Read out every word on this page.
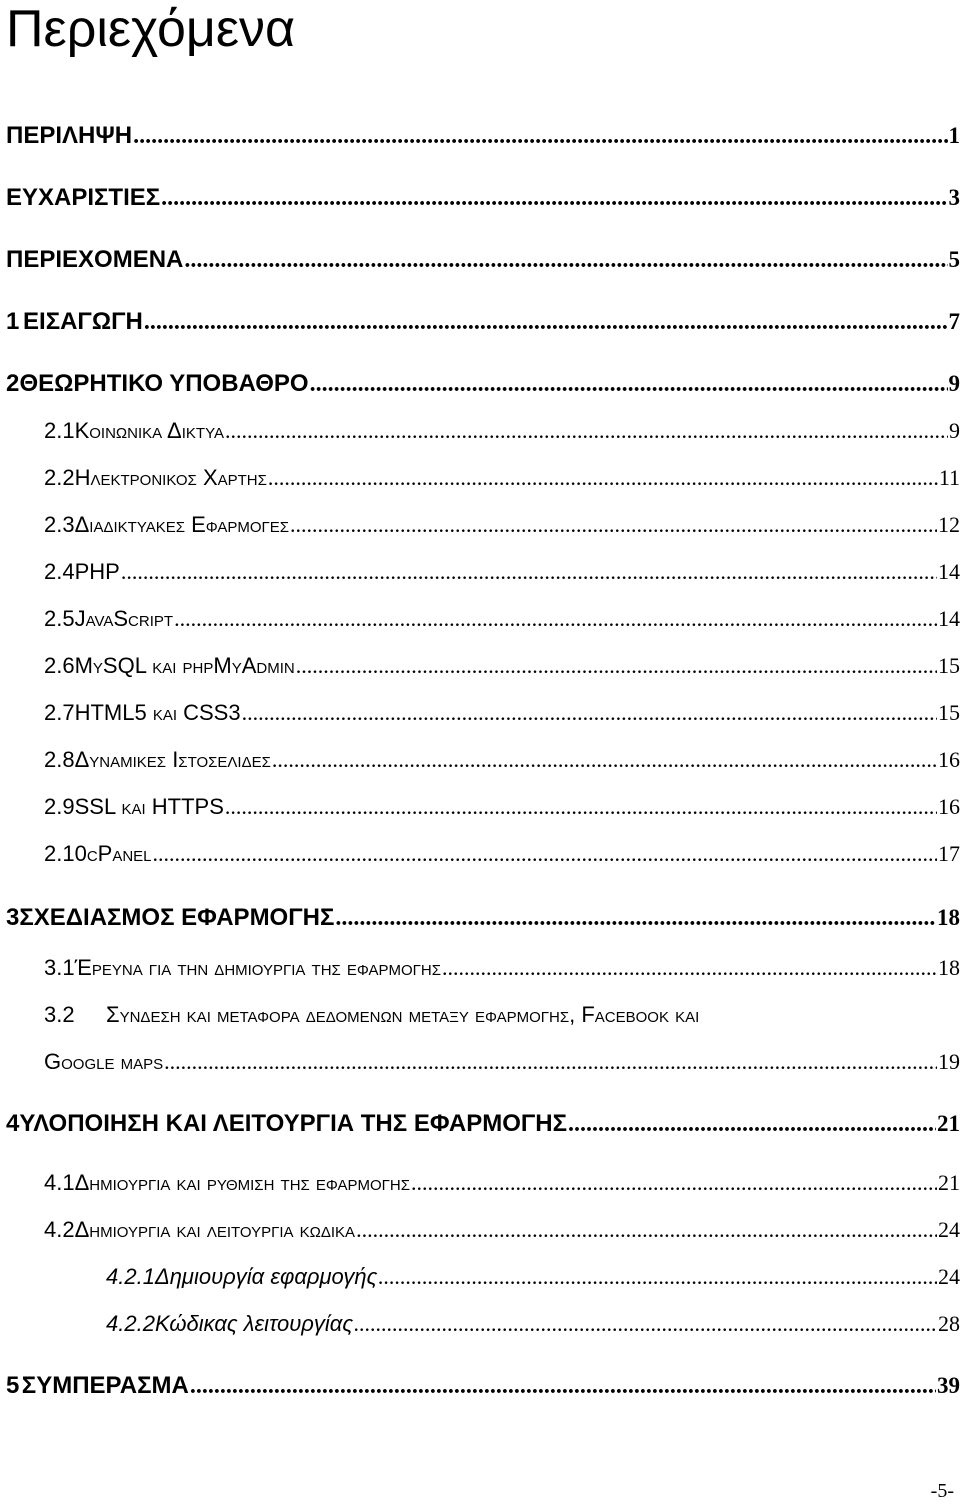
Περιεχόμενα
ΠΕΡΙΛΗΨΗ .....	1
ΕΥΧΑΡΙΣΤΙΕΣ .....	3
ΠΕΡΙΕΧΟΜΕΝΑ .....	5
1 ΕΙΣΑΓΩΓΗ .....	7
2 ΘΕΩΡΗΤΙΚΟ ΥΠΟΒΑΘΡΟ .....	9
2.1 Κοινωνικα Δικτυα .....	9
2.2 Ηλεκτρονικος Χαρτης .....	11
2.3 Διαδικτυακες Εφαρμογες .....	12
2.4 PHP .....	14
2.5 JavaScript .....	14
2.6 MySQL και phpMyAdmin .....	15
2.7 HTML5 και CSS3 .....	15
2.8 Δυναμικες Ιστοσελιδες .....	16
2.9 SSL και HTTPS .....	16
2.10 cPanel .....	17
3 ΣΧΕΔΙΑΣΜΟΣ ΕΦΑΡΜΟΓΗΣ .....	18
3.1 Έρευνα για την δημιουργια της εφαρμογης .....	18
3.2	Συνδεση και μεταφορα δεδομενων μεταξυ εφαρμογης, Facebook και
Google maps .....	19
4 ΥΛΟΠΟΙΗΣΗ ΚΑΙ ΛΕΙΤΟΥΡΓΙΑ ΤΗΣ ΕΦΑΡΜΟΓΗΣ .....	21
4.1 Δημιουργια και ρυθμιση της εφαρμογης .....	21
4.2 Δημιουργια και λειτουργια κωδικα .....	24
4.2.1 Δημιουργία εφαρμογής .....	24
4.2.2 Κώδικας λειτουργίας .....	28
5 ΣΥΜΠΕΡΑΣΜΑ .....	39
-5-
